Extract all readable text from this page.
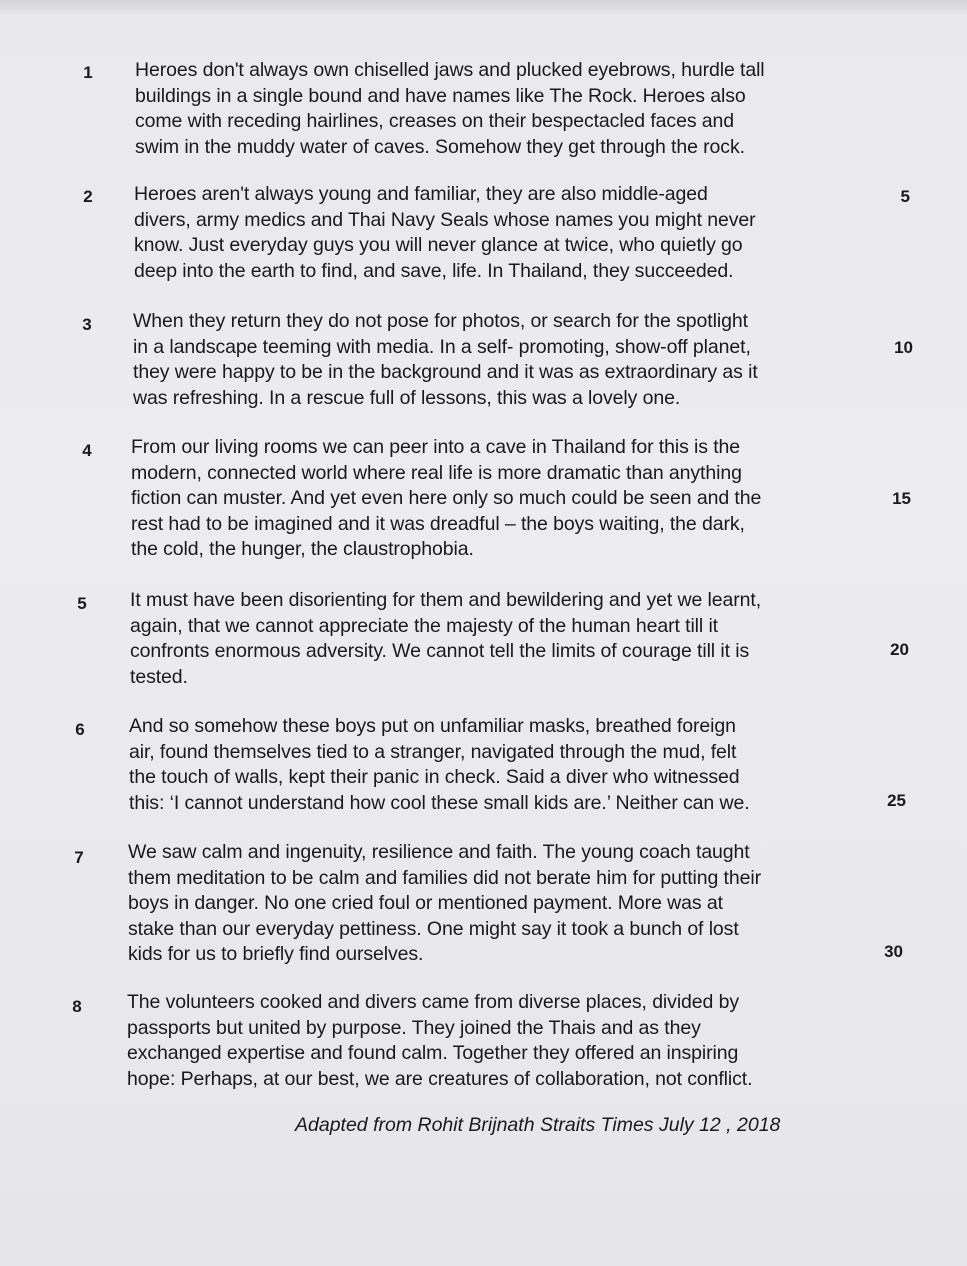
1 Heroes don't always own chiselled jaws and plucked eyebrows, hurdle tall
buildings in a single bound and have names like The Rock. Heroes also
come with receding hairlines, creases on their bespectacled faces and
swim in the muddy water of caves. Somehow they get through the rock.
2 Heroes aren't always young and familiar, they are also middle-aged
divers, army medics and Thai Navy Seals whose names you might never
know. Just everyday guys you will never glance at twice, who quietly go
deep into the earth to find, and save, life. In Thailand, they succeeded.
5
3 When they return they do not pose for photos, or search for the spotlight
in a landscape teeming with media. In a self- promoting, show-off planet,
they were happy to be in the background and it was as extraordinary as it
was refreshing. In a rescue full of lessons, this was a lovely one.
10
4 From our living rooms we can peer into a cave in Thailand for this is the
modern, connected world where real life is more dramatic than anything
fiction can muster. And yet even here only so much could be seen and the
rest had to be imagined and it was dreadful – the boys waiting, the dark,
the cold, the hunger, the claustrophobia.
15
5 It must have been disorienting for them and bewildering and yet we learnt,
again, that we cannot appreciate the majesty of the human heart till it
confronts enormous adversity. We cannot tell the limits of courage till it is
tested.
20
6 And so somehow these boys put on unfamiliar masks, breathed foreign
air, found themselves tied to a stranger, navigated through the mud, felt
the touch of walls, kept their panic in check. Said a diver who witnessed
this: ‘I cannot understand how cool these small kids are.’ Neither can we.	25
7 We saw calm and ingenuity, resilience and faith. The young coach taught
them meditation to be calm and families did not berate him for putting their
boys in danger. No one cried foul or mentioned payment. More was at
stake than our everyday pettiness. One might say it took a bunch of lost
kids for us to briefly find ourselves.	30
8 The volunteers cooked and divers came from diverse places, divided by
passports but united by purpose. They joined the Thais and as they
exchanged expertise and found calm. Together they offered an inspiring
hope: Perhaps, at our best, we are creatures of collaboration, not conflict.
Adapted from Rohit Brijnath Straits Times July 12 , 2018
